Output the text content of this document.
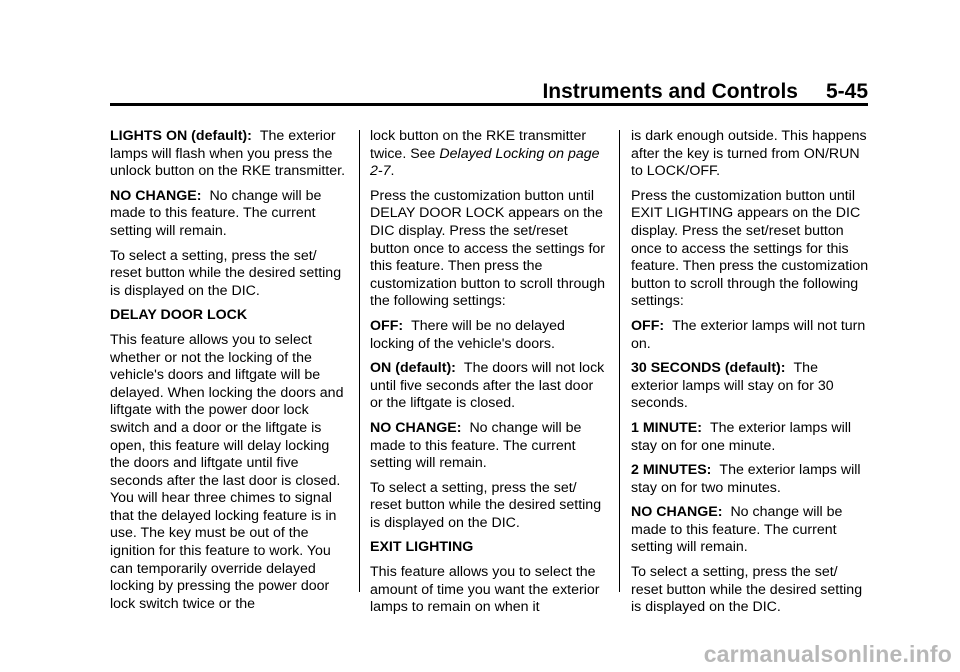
Instruments and Controls 5-45

LIGHTS ON (default): The exterior lamps will flash when you press the unlock button on the RKE transmitter.

NO CHANGE: No change will be made to this feature. The current setting will remain.

To select a setting, press the set/ reset button while the desired setting is displayed on the DIC.

DELAY DOOR LOCK

This feature allows you to select whether or not the locking of the vehicle's doors and liftgate will be delayed. When locking the doors and liftgate with the power door lock switch and a door or the liftgate is open, this feature will delay locking the doors and liftgate until five seconds after the last door is closed. You will hear three chimes to signal that the delayed locking feature is in use. The key must be out of the ignition for this feature to work. You can temporarily override delayed locking by pressing the power door lock switch twice or the

lock button on the RKE transmitter twice. See Delayed Locking on page 2-7.

Press the customization button until DELAY DOOR LOCK appears on the DIC display. Press the set/reset button once to access the settings for this feature. Then press the customization button to scroll through the following settings:

OFF: There will be no delayed locking of the vehicle's doors.

ON (default): The doors will not lock until five seconds after the last door or the liftgate is closed.

NO CHANGE: No change will be made to this feature. The current setting will remain.

To select a setting, press the set/ reset button while the desired setting is displayed on the DIC.

EXIT LIGHTING

This feature allows you to select the amount of time you want the exterior lamps to remain on when it

is dark enough outside. This happens after the key is turned from ON/RUN to LOCK/OFF.

Press the customization button until EXIT LIGHTING appears on the DIC display. Press the set/reset button once to access the settings for this feature. Then press the customization button to scroll through the following settings:

OFF: The exterior lamps will not turn on.

30 SECONDS (default): The exterior lamps will stay on for 30 seconds.

1 MINUTE: The exterior lamps will stay on for one minute.

2 MINUTES: The exterior lamps will stay on for two minutes.

NO CHANGE: No change will be made to this feature. The current setting will remain.

To select a setting, press the set/ reset button while the desired setting is displayed on the DIC.

carmanualsonline.info
